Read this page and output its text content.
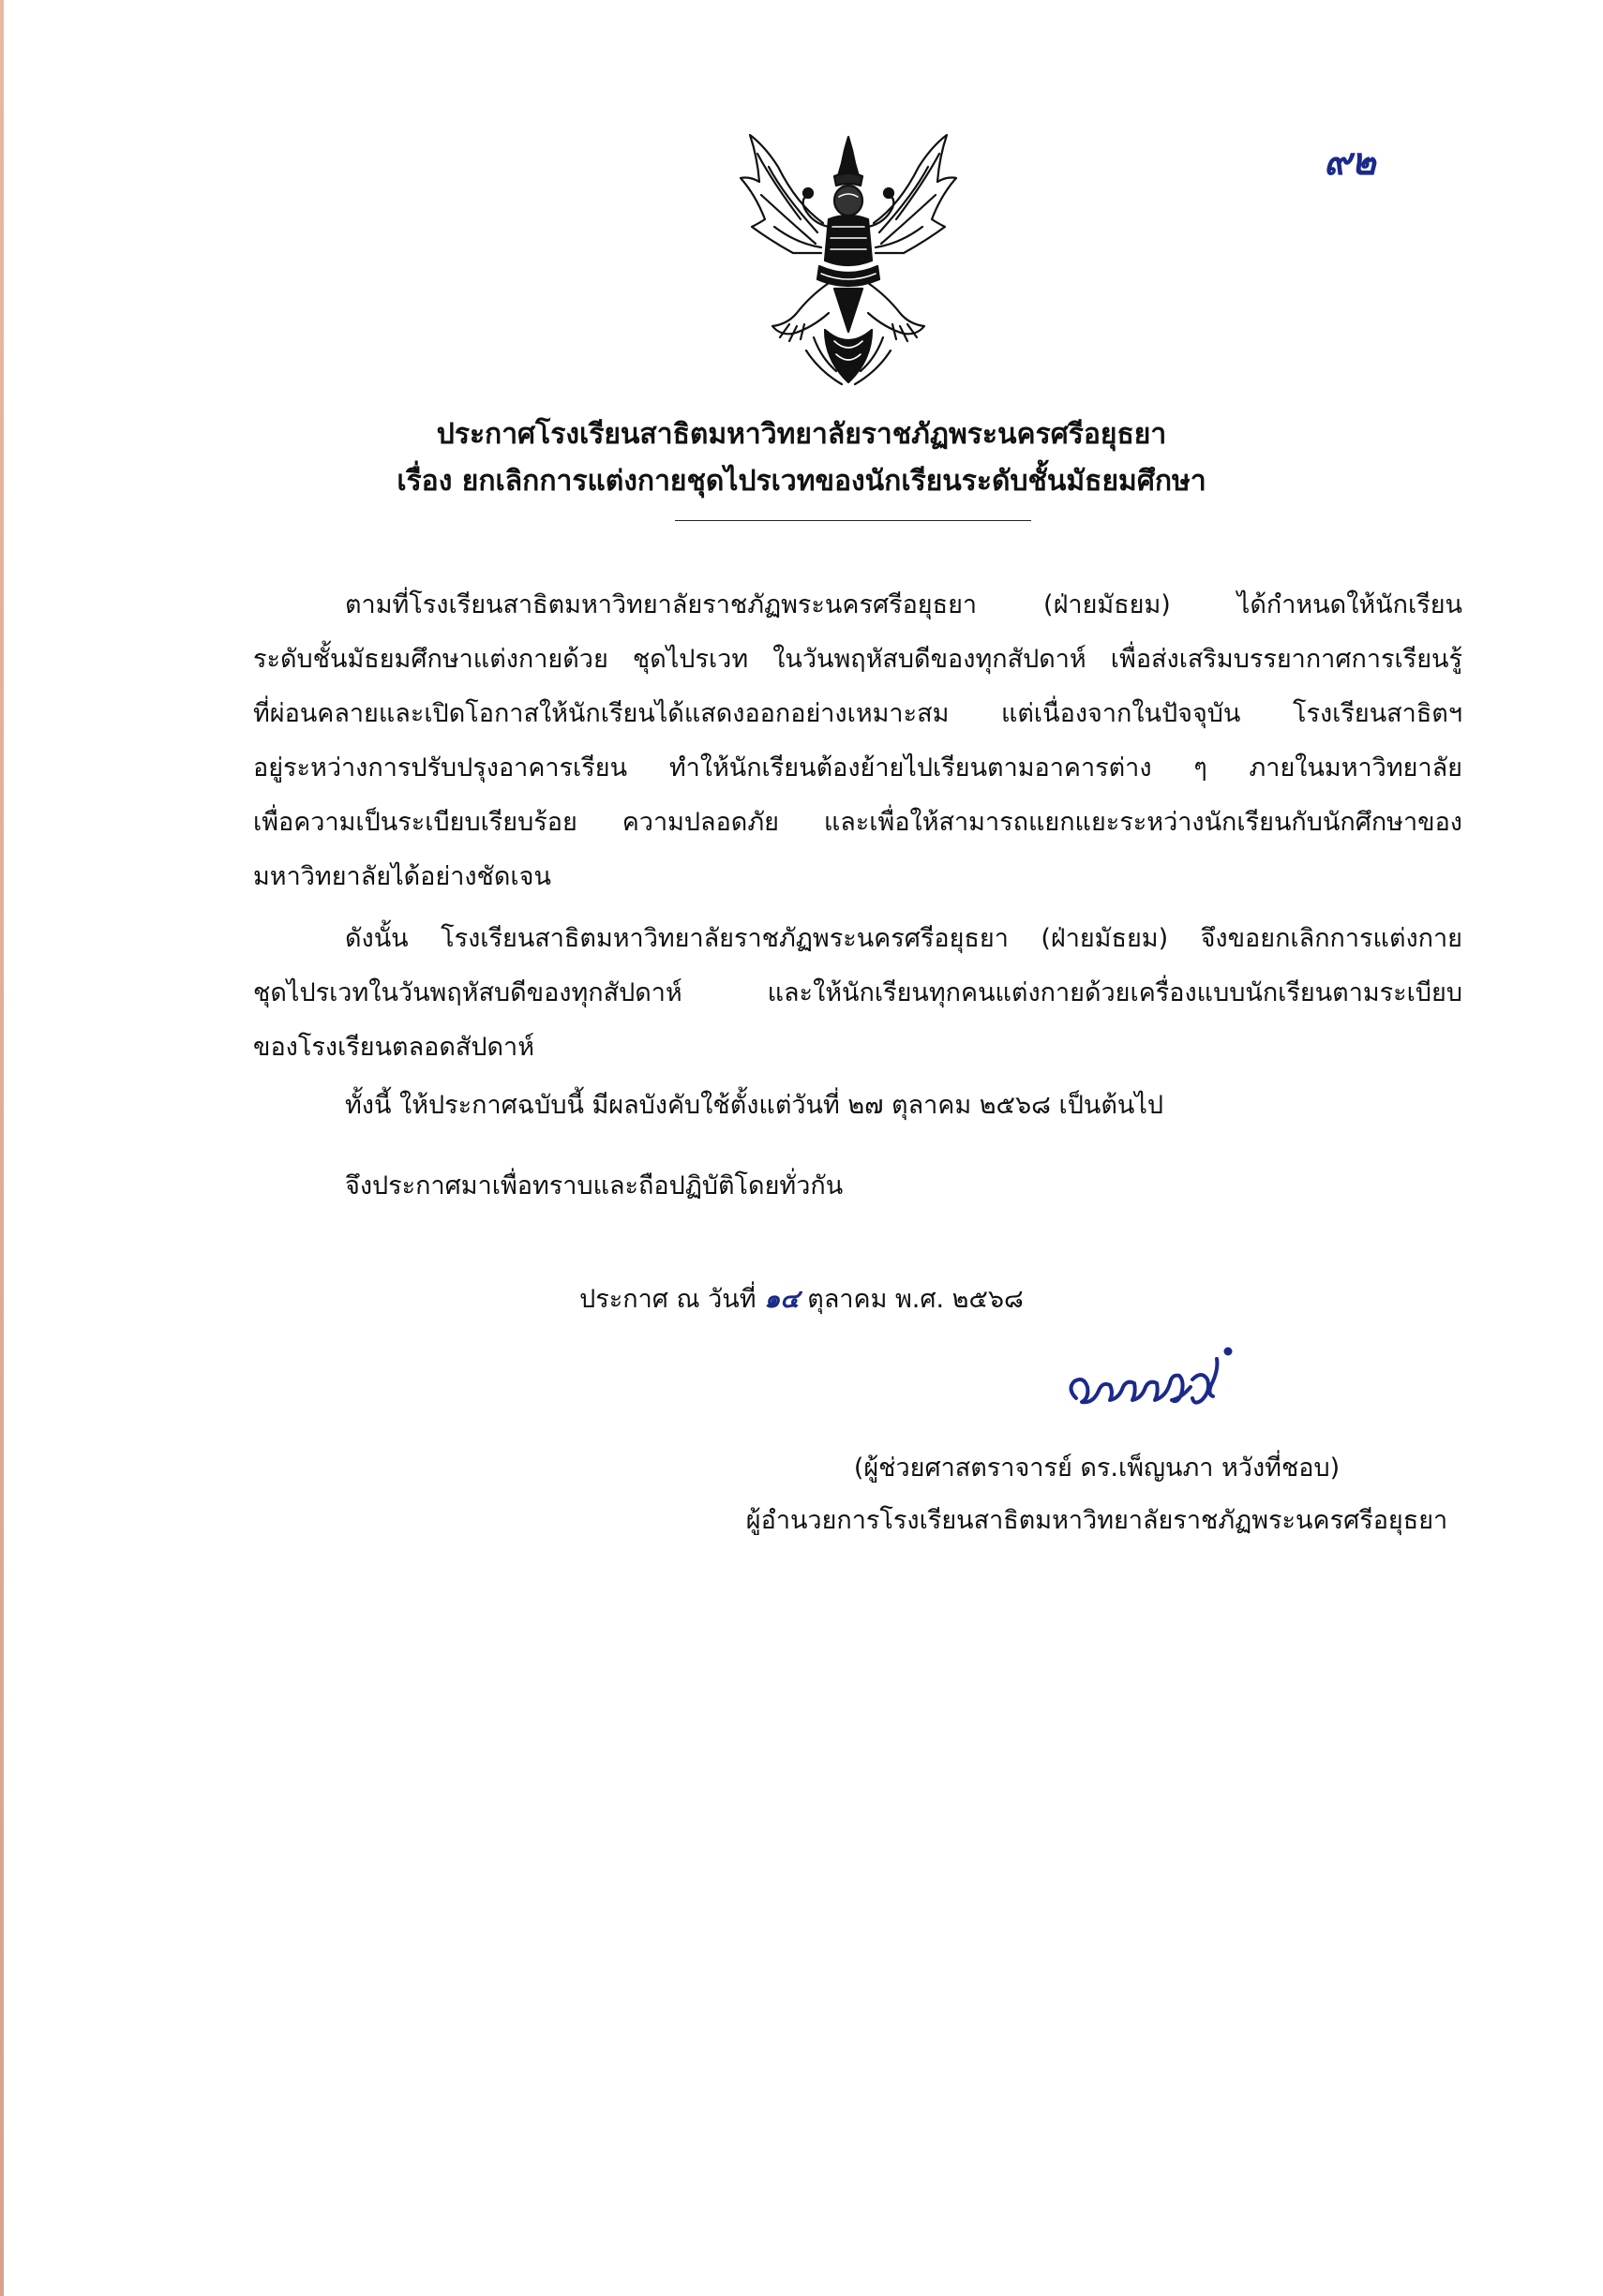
๙๒
ประกาศโรงเรียนสาธิตมหาวิทยาลัยราชภัฏพระนครศรีอยุธยา
เรื่อง ยกเลิกการแต่งกายชุดไปรเวทของนักเรียนระดับชั้นมัธยมศึกษา
ตามที่โรงเรียนสาธิตมหาวิทยาลัยราชภัฏพระนครศรีอยุธยา (ฝ่ายมัธยม) ได้กำหนดให้นักเรียน
ระดับชั้นมัธยมศึกษาแต่งกายด้วย ชุดไปรเวท ในวันพฤหัสบดีของทุกสัปดาห์ เพื่อส่งเสริมบรรยากาศการเรียนรู้
ที่ผ่อนคลายและเปิดโอกาสให้นักเรียนได้แสดงออกอย่างเหมาะสม แต่เนื่องจากในปัจจุบัน โรงเรียนสาธิตฯ
อยู่ระหว่างการปรับปรุงอาคารเรียน ทำให้นักเรียนต้องย้ายไปเรียนตามอาคารต่าง ๆ ภายในมหาวิทยาลัย
เพื่อความเป็นระเบียบเรียบร้อย ความปลอดภัย และเพื่อให้สามารถแยกแยะระหว่างนักเรียนกับนักศึกษาของ
มหาวิทยาลัยได้อย่างชัดเจน
ดังนั้น โรงเรียนสาธิตมหาวิทยาลัยราชภัฏพระนครศรีอยุธยา (ฝ่ายมัธยม) จึงขอยกเลิกการแต่งกาย
ชุดไปรเวทในวันพฤหัสบดีของทุกสัปดาห์ และให้นักเรียนทุกคนแต่งกายด้วยเครื่องแบบนักเรียนตามระเบียบ
ของโรงเรียนตลอดสัปดาห์
ทั้งนี้ ให้ประกาศฉบับนี้ มีผลบังคับใช้ตั้งแต่วันที่ ๒๗ ตุลาคม ๒๕๖๘ เป็นต้นไป
จึงประกาศมาเพื่อทราบและถือปฏิบัติโดยทั่วกัน
ประกาศ ณ วันที่ ๑๔ ตุลาคม พ.ศ. ๒๕๖๘
(ผู้ช่วยศาสตราจารย์ ดร.เพ็ญนภา หวังที่ชอบ)
ผู้อำนวยการโรงเรียนสาธิตมหาวิทยาลัยราชภัฏพระนครศรีอยุธยา
